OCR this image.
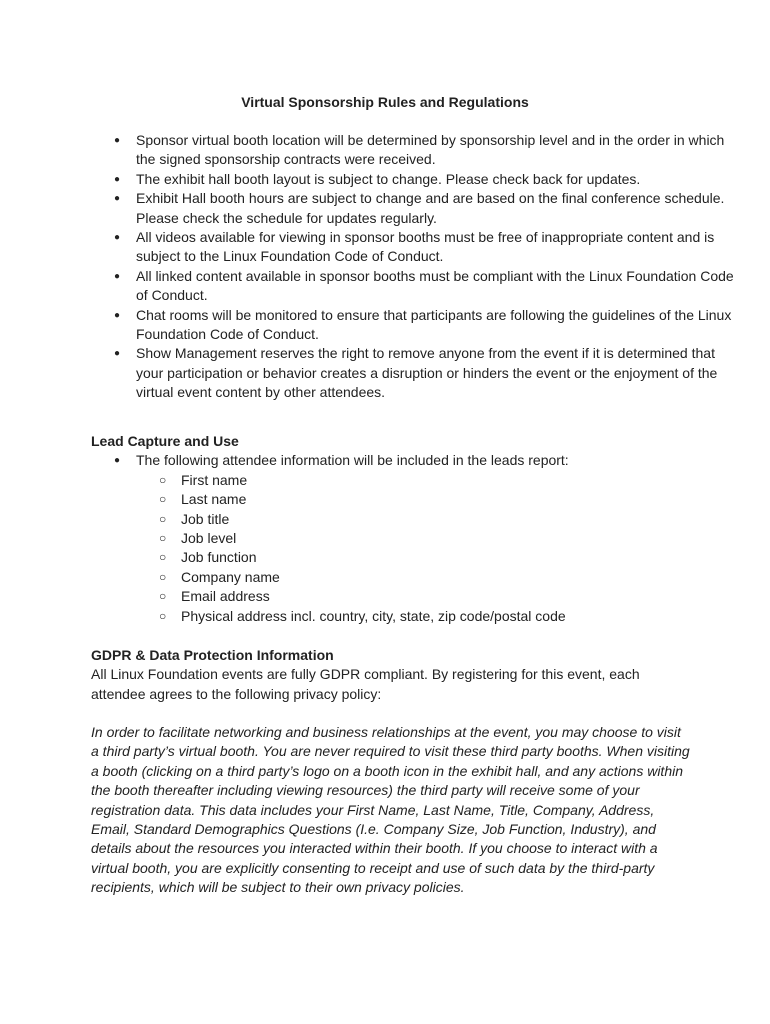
Virtual Sponsorship Rules and Regulations
● Sponsor virtual booth location will be determined by sponsorship level and in the order in which the signed sponsorship contracts were received.
● The exhibit hall booth layout is subject to change. Please check back for updates.
● Exhibit Hall booth hours are subject to change and are based on the final conference schedule. Please check the schedule for updates regularly.
● All videos available for viewing in sponsor booths must be free of inappropriate content and is subject to the Linux Foundation Code of Conduct.
● All linked content available in sponsor booths must be compliant with the Linux Foundation Code of Conduct.
● Chat rooms will be monitored to ensure that participants are following the guidelines of the Linux Foundation Code of Conduct.
● Show Management reserves the right to remove anyone from the event if it is determined that your participation or behavior creates a disruption or hinders the event or the enjoyment of the virtual event content by other attendees.
Lead Capture and Use
● The following attendee information will be included in the leads report:
○ First name
○ Last name
○ Job title
○ Job level
○ Job function
○ Company name
○ Email address
○ Physical address incl. country, city, state, zip code/postal code
GDPR & Data Protection Information

All Linux Foundation events are fully GDPR compliant. By registering for this event, each attendee agrees to the following privacy policy:

In order to facilitate networking and business relationships at the event, you may choose to visit a third party’s virtual booth. You are never required to visit these third party booths. When visiting a booth (clicking on a third party’s logo on a booth icon in the exhibit hall, and any actions within the booth thereafter including viewing resources) the third party will receive some of your registration data. This data includes your First Name, Last Name, Title, Company, Address, Email, Standard Demographics Questions (I.e. Company Size, Job Function, Industry), and details about the resources you interacted within their booth. If you choose to interact with a virtual booth, you are explicitly consenting to receipt and use of such data by the third-party recipients, which will be subject to their own privacy policies.
